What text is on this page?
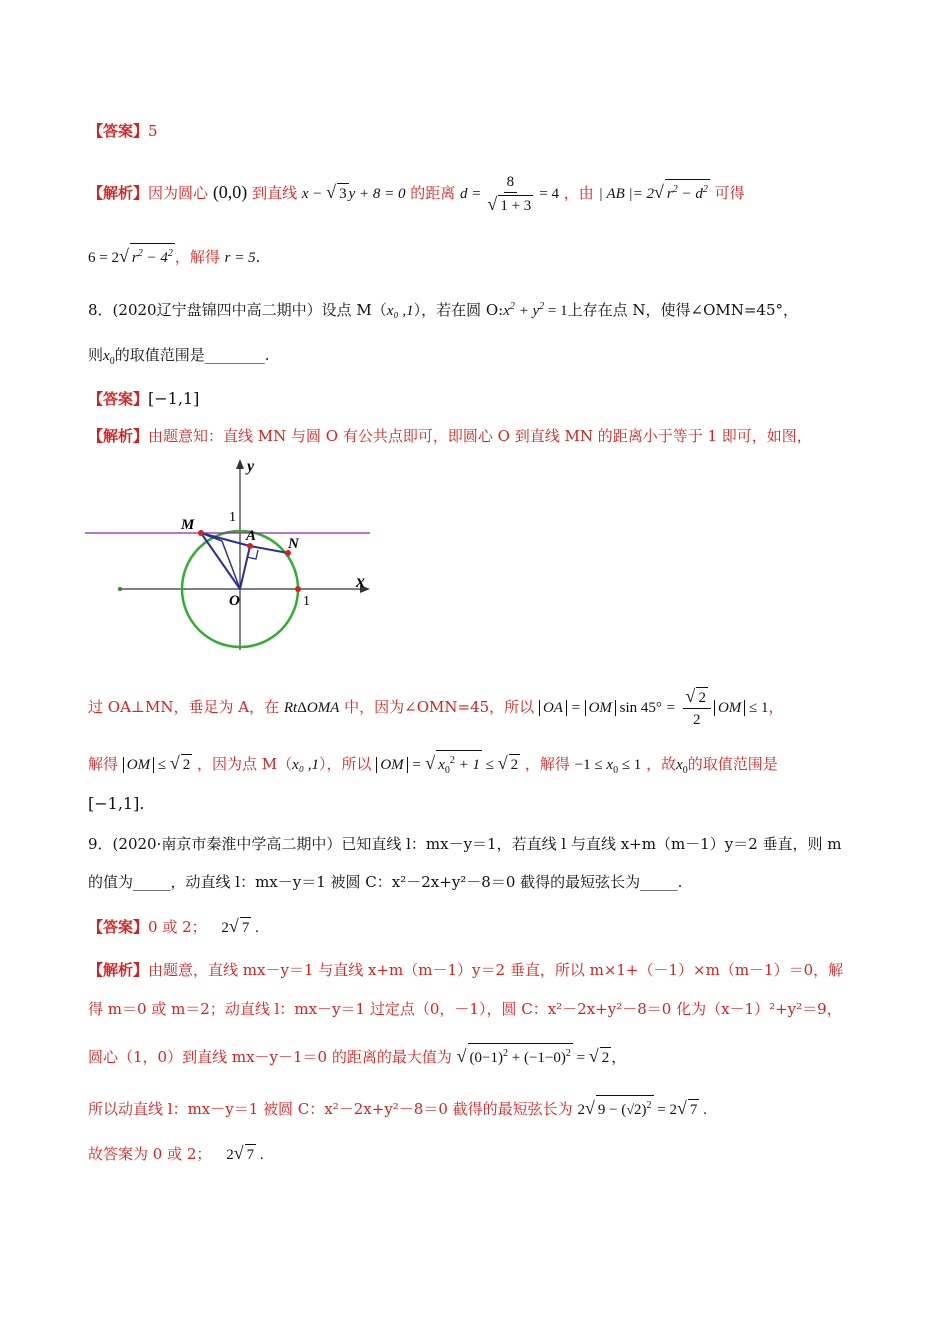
【答案】5
【解析】因为圆心 (0,0) 到直线 x − √ 3 y + 8 = 0 的距离 $d = \frac{8}{√ 1 + 3} = 4$ ，由 | AB |= 2√ $r^2 - d^2$ 可得
6 = 2√ $r^2 - 4^2$ ，解得 r = 5.
8．(2020辽宁盘锦四中高二期中）设点 M（x₀ ,1），若在圆 $O:x^2 + y^2 = 1$上存在点 N，使得∠OMN=45°，
则$x_0$的取值范围是________.
【答案】[−1,1]
【解析】由题意知：直线 MN 与圆 O 有公共点即可，即圆心 O 到直线 MN 的距离小于等于 1 即可，如图，
y
x
1
1
O
M
A N
过 OA⊥MN，垂足为 A，在 RtΔOMA 中，因为∠OMN=45，所以 OA = OM $\sin 45^\circ = \frac{√ 2}{2}$ OM ≤ 1，
解得 OM ≤ √ 2 ，因为点 M（x₀ ,1），所以 OM = √ $x_0^2 + 1$ ≤ √ 2 ，解得 $-1 \le x_0 \le 1$ ，故$x_0$的取值范围是
[−1,1].
9．(2020·南京市秦淮中学高二期中）已知直线 l：mx－y＝1，若直线 l 与直线 x+m（m－1）y＝2 垂直，则 m
的值为_____，动直线 l：mx－y＝1 被圆 C：x²－2x+y²－8＝0 截得的最短弦长为_____.
【答案】0 或 2； 2√ 7 .
【解析】由题意，直线 mx－y＝1 与直线 x+m（m－1）y＝2 垂直，所以 m×1+（－1）×m（m－1）＝0，解
得 m＝0 或 m＝2；动直线 l：mx－y＝1 过定点（0，－1），圆 C：x²－2x+y²－8＝0 化为（x－1）²+y²＝9，
圆心（1，0）到直线 mx－y－1＝0 的距离的最大值为 √ $(0-1)^2 + (-1-0)^2$ = √ 2 ，
所以动直线 l：mx－y＝1 被圆 C：x²－2x+y²－8＝0 截得的最短弦长为 2√ $9 - (√2)^2 = 2√$ 7 .
故答案为 0 或 2； 2√ 7 .
